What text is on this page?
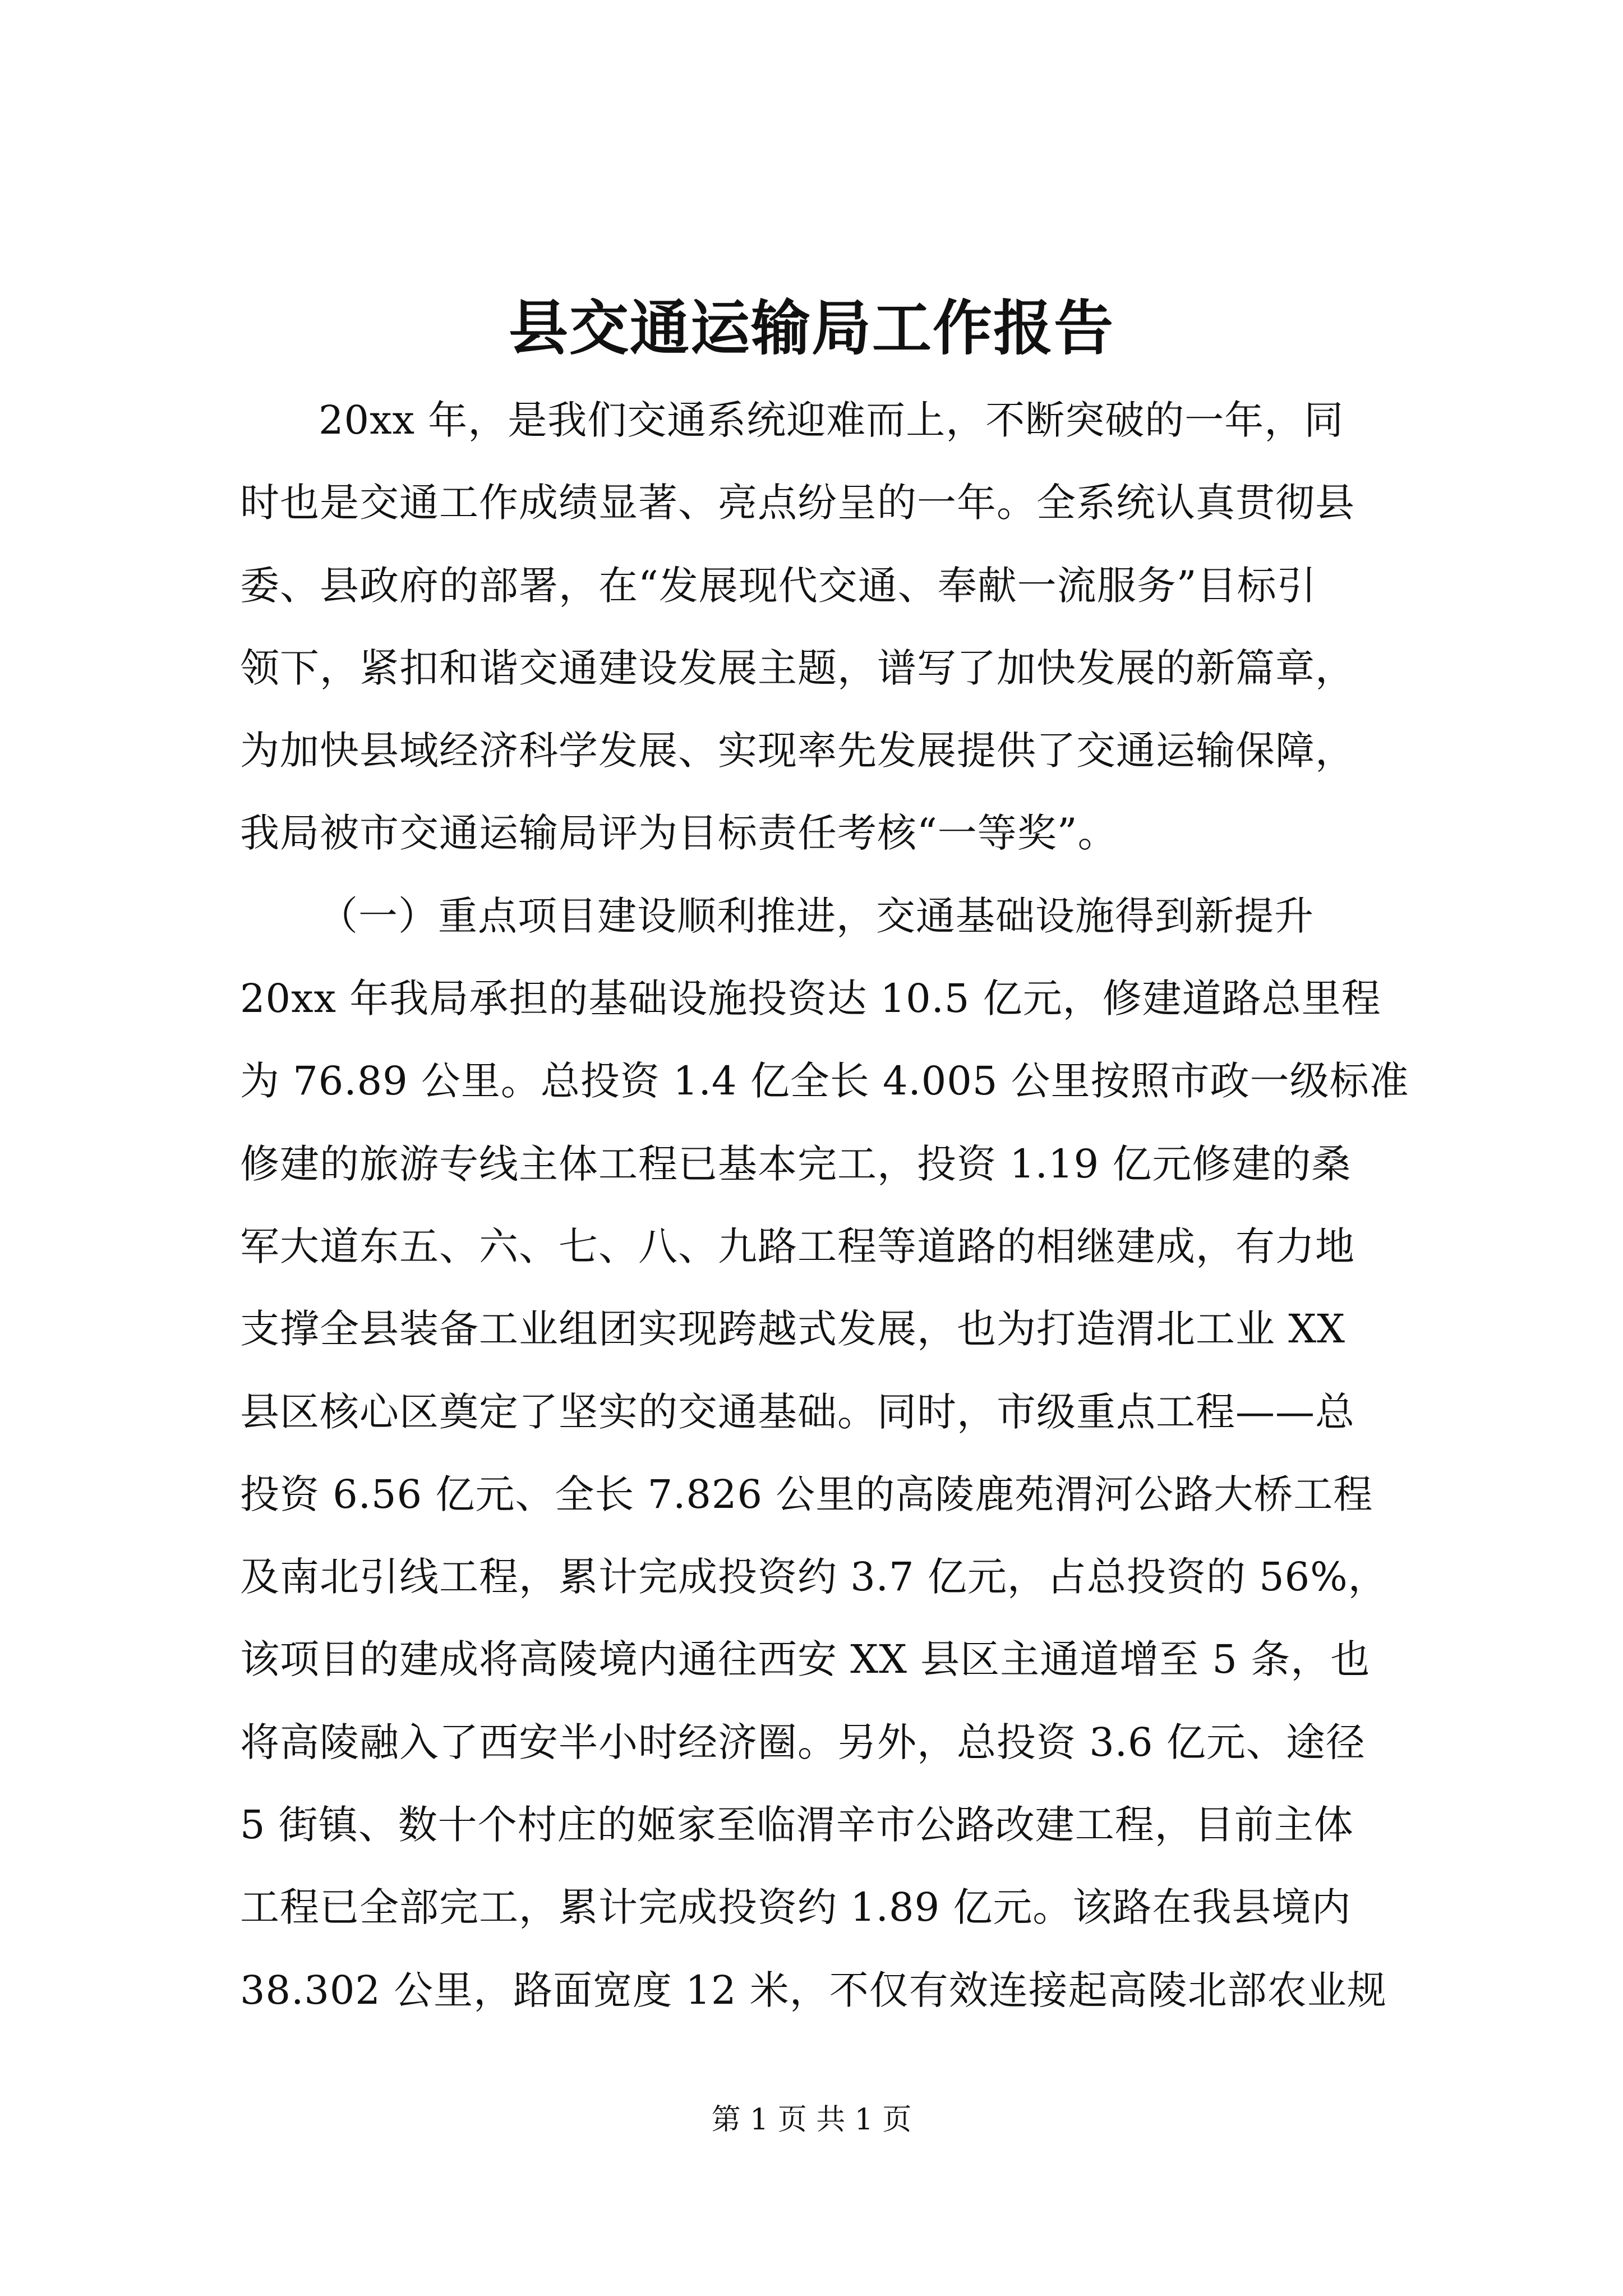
县交通运输局工作报告
20xx 年，是我们交通系统迎难而上，不断突破的一年，同
时也是交通工作成绩显著、亮点纷呈的一年。全系统认真贯彻县
委、县政府的部署，在“发展现代交通、奉献一流服务”目标引
领下，紧扣和谐交通建设发展主题，谱写了加快发展的新篇章，
为加快县域经济科学发展、实现率先发展提供了交通运输保障，
我局被市交通运输局评为目标责任考核“一等奖”。
（一）重点项目建设顺利推进，交通基础设施得到新提升
20xx 年我局承担的基础设施投资达 10.5 亿元，修建道路总里程
为 76.89 公里。总投资 1.4 亿全长 4.005 公里按照市政一级标准
修建的旅游专线主体工程已基本完工，投资 1.19 亿元修建的桑
军大道东五、六、七、八、九路工程等道路的相继建成，有力地
支撑全县装备工业组团实现跨越式发展，也为打造渭北工业 XX
县区核心区奠定了坚实的交通基础。同时，市级重点工程——总
投资 6.56 亿元、全长 7.826 公里的高陵鹿苑渭河公路大桥工程
及南北引线工程，累计完成投资约 3.7 亿元，占总投资的 56%，
该项目的建成将高陵境内通往西安 XX 县区主通道增至 5 条，也
将高陵融入了西安半小时经济圈。另外，总投资 3.6 亿元、途径
5 街镇、数十个村庄的姬家至临渭辛市公路改建工程，目前主体
工程已全部完工，累计完成投资约 1.89 亿元。该路在我县境内
38.302 公里，路面宽度 12 米，不仅有效连接起高陵北部农业规
第 1 页 共 1 页
